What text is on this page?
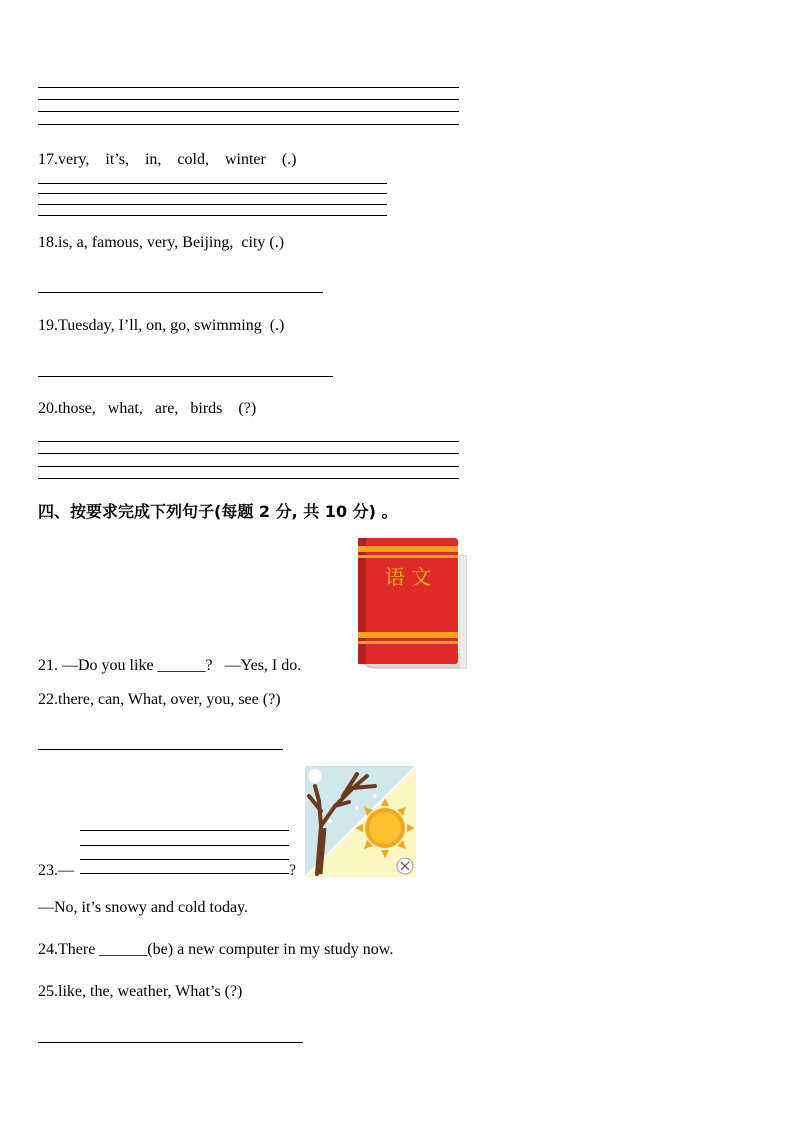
17.very,    it’s,    in,    cold,    winter    (.)
18.is, a, famous, very, Beijing,  city (.)
19.Tuesday, I’ll, on, go, swimming  (.)
20.those,   what,   are,   birds    (?)
四、按要求完成下列句子(每题 2 分, 共 10 分) 。
语 文
21. —Do you like ______?   —Yes, I do.
22.there, can, What, over, you, see (?)
23.—	?
—No, it’s snowy and cold today.
24.There ______(be) a new computer in my study now.
25.like, the, weather, What’s (?)
